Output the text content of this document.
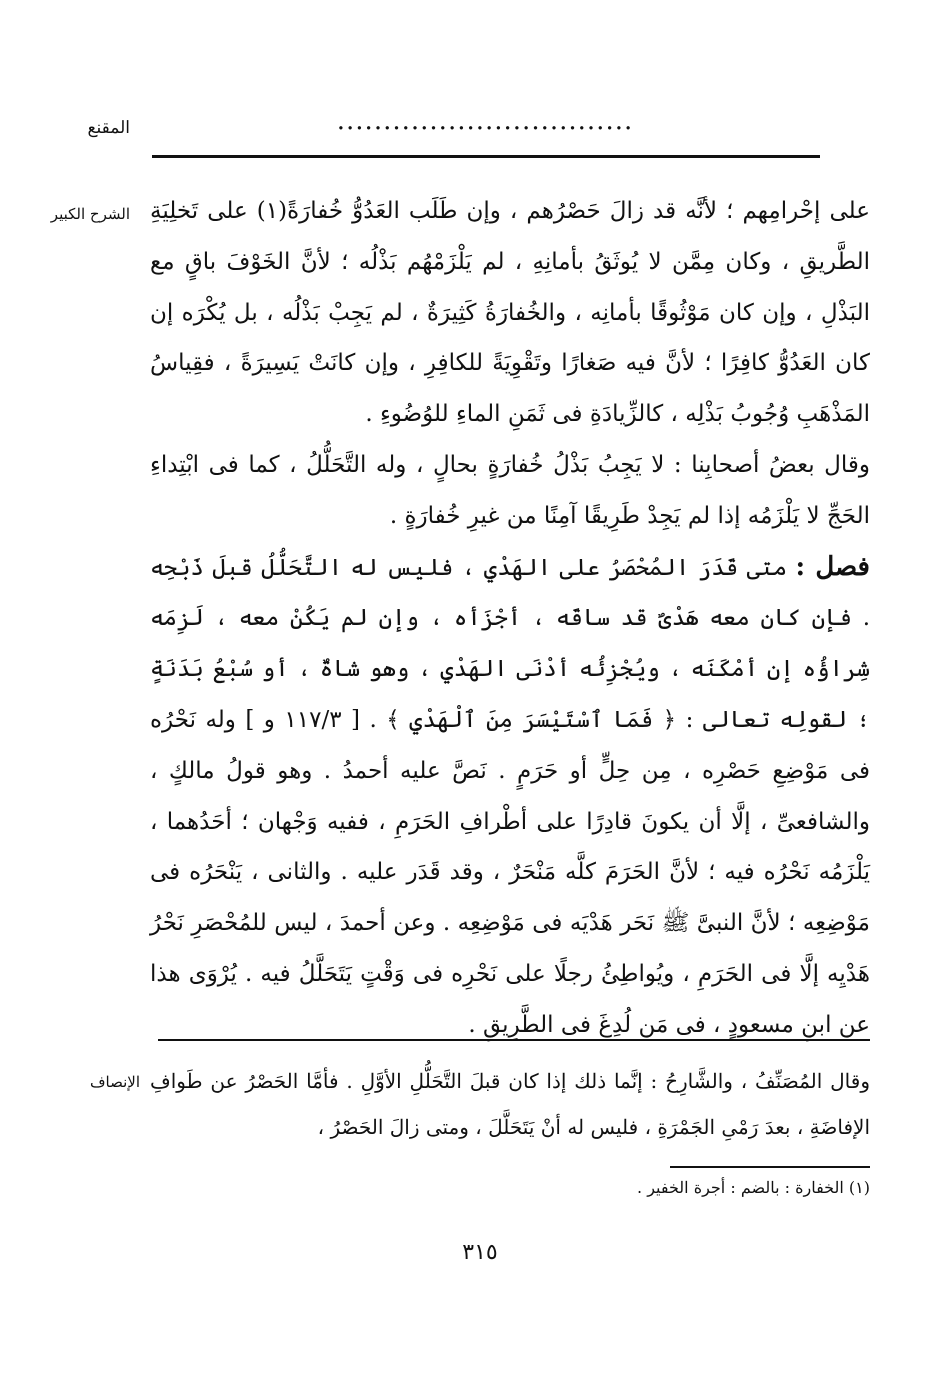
المقنع	................................
الشرح الكبير على إحْرامِهم ؛ لأنَّه قد زالَ حَصْرُهم ، وإن طَلَب العَدُوُّ خُفارَةً(١) على تَخلِيَةِ الطَّريقِ ، وكان مِمَّن لا يُوثَقُ بأمانِهِ ، لم يَلْزَمْهُم بَذْلُه ؛ لأنَّ الخَوْفَ باقٍ مع البَذْلِ ، وإن كان مَوْثُوقًا بأمانِه ، والخُفارَةُ كَثِيرَةٌ ، لم يَجِبْ بَذْلُه ، بل يُكْرَه إن كان العَدُوُّ كافِرًا ؛ لأنَّ فيه صَغارًا وتَقْوِيَةً للكافِرِ ، وإن كانَتْ يَسِيرَةً ، فقِياسُ المَذْهَبِ وُجُوبُ بَذْلِه ، كالزِّيادَةِ فى ثَمَنِ الماءِ للوُضُوءِ .

وقال بعضُ أصحابِنا : لا يَجِبُ بَذْلُ خُفارَةٍ بحالٍ ، وله التَّحَلُّلُ ، كما فى ابْتِداءِ الحَجِّ لا يَلْزَمُه إذا لم يَجِدْ طَرِيقًا آمِنًا من غيرِ خُفارَةٍ .

فصل : متى قَدَرَ المُحْصَرُ على الهَدْيِ ، فليس له التَّحَلُّلُ قبلَ ذَبْحِه . فإن كان معه هَدْىٌ قد ساقَه ، أجْزَأه ، وإن لم يَكُنْ معه ، لَزِمَه شِراؤُه إن أمْكَنَه ، ويُجْزِئُه أدْنَى الهَدْيِ ، وهو شاةٌ ، أو سُبْعُ بَدَنَةٍ ؛ لقولِه تعالى : ﴿ فَمَا ٱسْتَيْسَرَ مِنَ ٱلْهَدْيِ ﴾ . [ ١١٧/٣ و ] وله نَحْرُه فى مَوْضِعِ حَصْرِه ، مِن حِلٍّ أو حَرَمٍ . نَصَّ عليه أحمدُ . وهو قولُ مالكٍ ، والشافعىِّ ، إلَّا أن يكونَ قادِرًا على أطْرافِ الحَرَمِ ، ففيه وَجْهان ؛ أحَدُهما ، يَلْزَمُه نَحْرُه فيه ؛ لأنَّ الحَرَمَ كلَّه مَنْحَرٌ ، وقد قَدَر عليه . والثانى ، يَنْحَرُه فى مَوْضِعِه ؛ لأنَّ النبىَّ ﷺ نَحَر هَدْيَه فى مَوْضِعِه . وعن أحمدَ ، ليس للمُحْصَرِ نَحْرُ هَدْيِه إلَّا فى الحَرَمِ ، ويُواطِئُ رجلًا على نَحْرِه فى وَقْتٍ يَتَحَلَّلُ فيه . يُرْوَى هذا عن ابنِ مسعودٍ ، فى مَن لُدِغَ فى الطَّرِيقِ .

الإنصاف وقال المُصَنِّفُ ، والشَّارِحُ : إنَّما ذلك إذا كان قبلَ التَّحَلُّلِ الأوَّلِ . فأمَّا الحَصْرُ عن طَوافِ الإفاضَةِ ، بعدَ رَمْىِ الجَمْرَةِ ، فليس له أنْ يَتَحَلَّلَ ، ومتى زالَ الحَصْرُ ،

(١) الخفارة : بالضم : أجرة الخفير .
٣١٥
